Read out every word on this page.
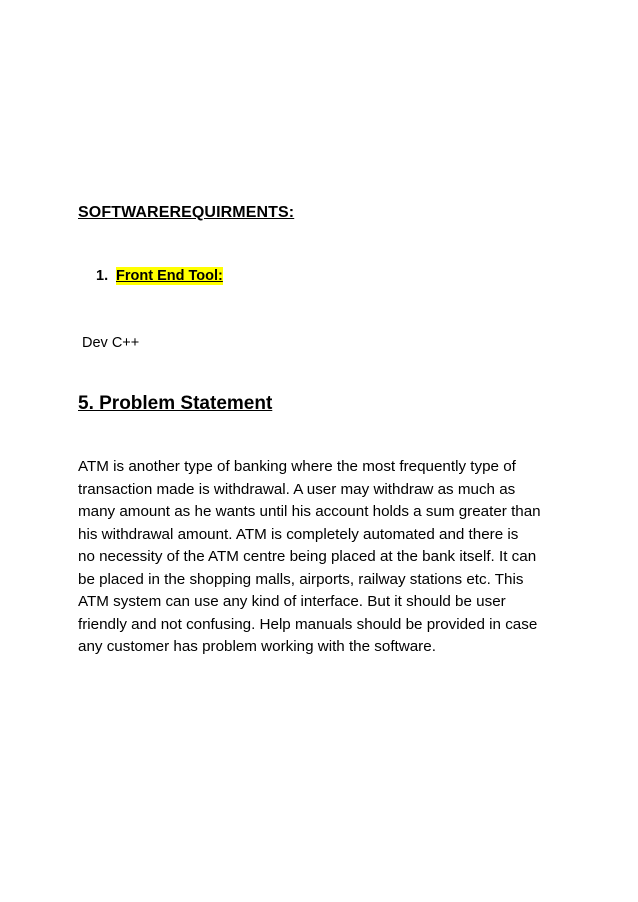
SOFTWAREREQUIRMENTS:
1. Front End Tool:
Dev C++
5. Problem Statement
ATM is another type of banking where the most frequently type of
transaction made is withdrawal. A user may withdraw as much as
many amount as he wants until his account holds a sum greater than
his withdrawal amount. ATM is completely automated and there is
no necessity of the ATM centre being placed at the bank itself. It can
be placed in the shopping malls, airports, railway stations etc. This
ATM system can use any kind of interface. But it should be user
friendly and not confusing. Help manuals should be provided in case
any customer has problem working with the software.
